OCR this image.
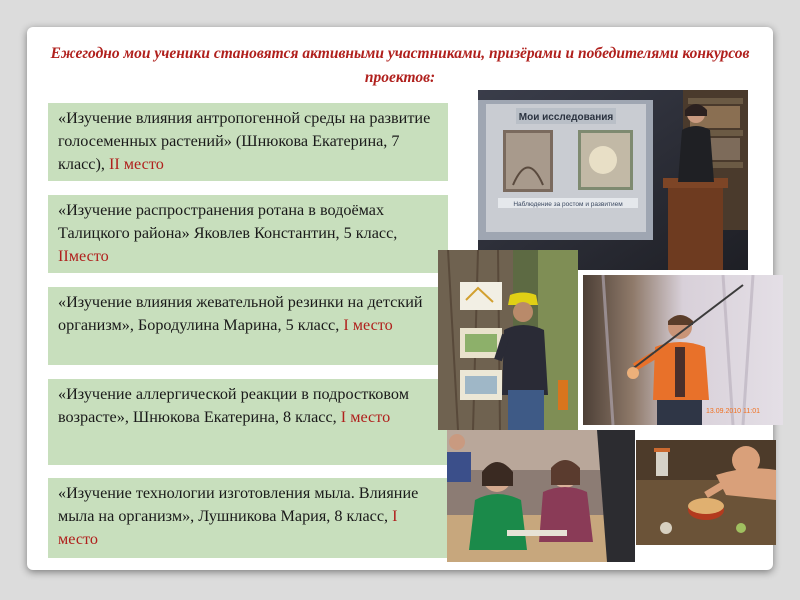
Ежегодно мои ученики становятся активными участниками, призёрами и победителями конкурсов проектов:
«Изучение влияния антропогенной среды на развитие голосеменных растений» (Шнюкова Екатерина, 7 класс), II место
«Изучение распространения ротана в водоёмах Талицкого района» Яковлев Константин, 5 класс, IIместо
«Изучение влияния жевательной резинки на детский организм», Бородулина Марина, 5 класс, I место
«Изучение аллергической реакции в подростковом возрасте», Шнюкова Екатерина, 8 класс, I место
«Изучение технологии изготовления мыла. Влияние мыла на организм», Лушникова Мария, 8 класс, I место
Мои исследования
Наблюдение за ростом и развитием
13.09.2010 11:01
